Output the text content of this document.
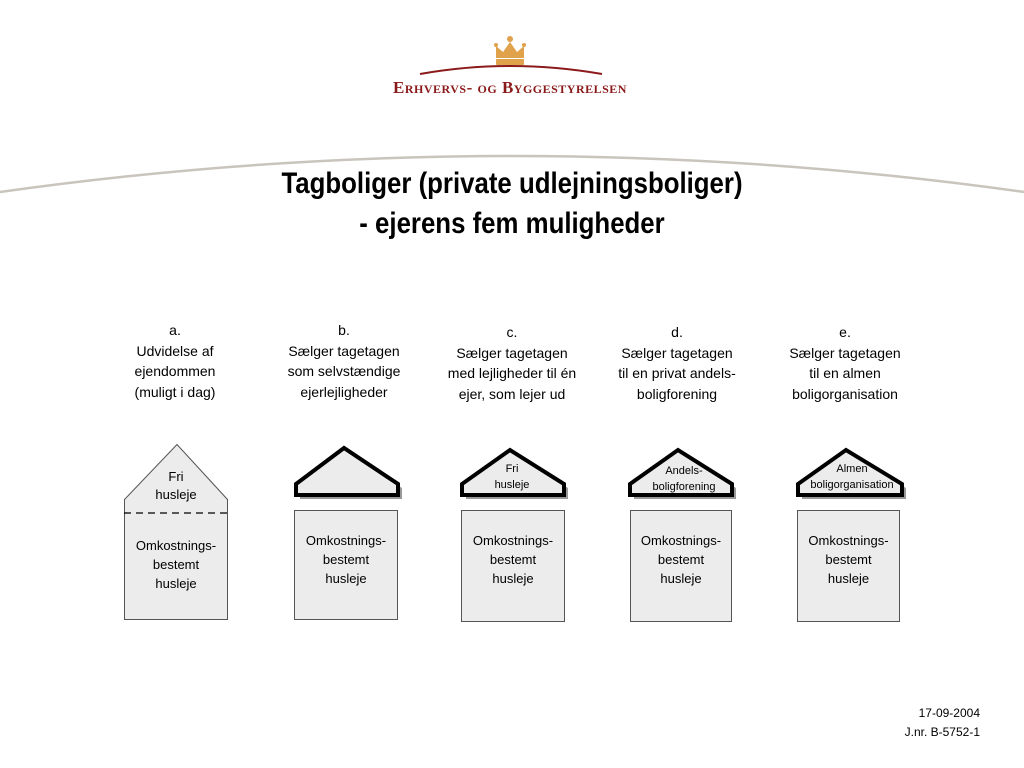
Erhvervs- og Byggestyrelsen
Tagboliger (private udlejningsboliger)
- ejerens fem muligheder
a.
Udvidelse af
ejendommen
(muligt i dag)
Fri
husleje
Omkostnings-
bestemt
husleje
b.
Sælger tagetagen
som selvstændige
ejerlejligheder
Omkostnings-
bestemt
husleje
c.
Sælger tagetagen
med lejligheder til én
ejer, som lejer ud
Fri
husleje
Omkostnings-
bestemt
husleje
d.
Sælger tagetagen
til en privat andels-
boligforening
Andels-
boligforening
Omkostnings-
bestemt
husleje
e.
Sælger tagetagen
til en almen
boligorganisation
Almen
boligorganisation
Omkostnings-
bestemt
husleje
17-09-2004
J.nr. B-5752-1
